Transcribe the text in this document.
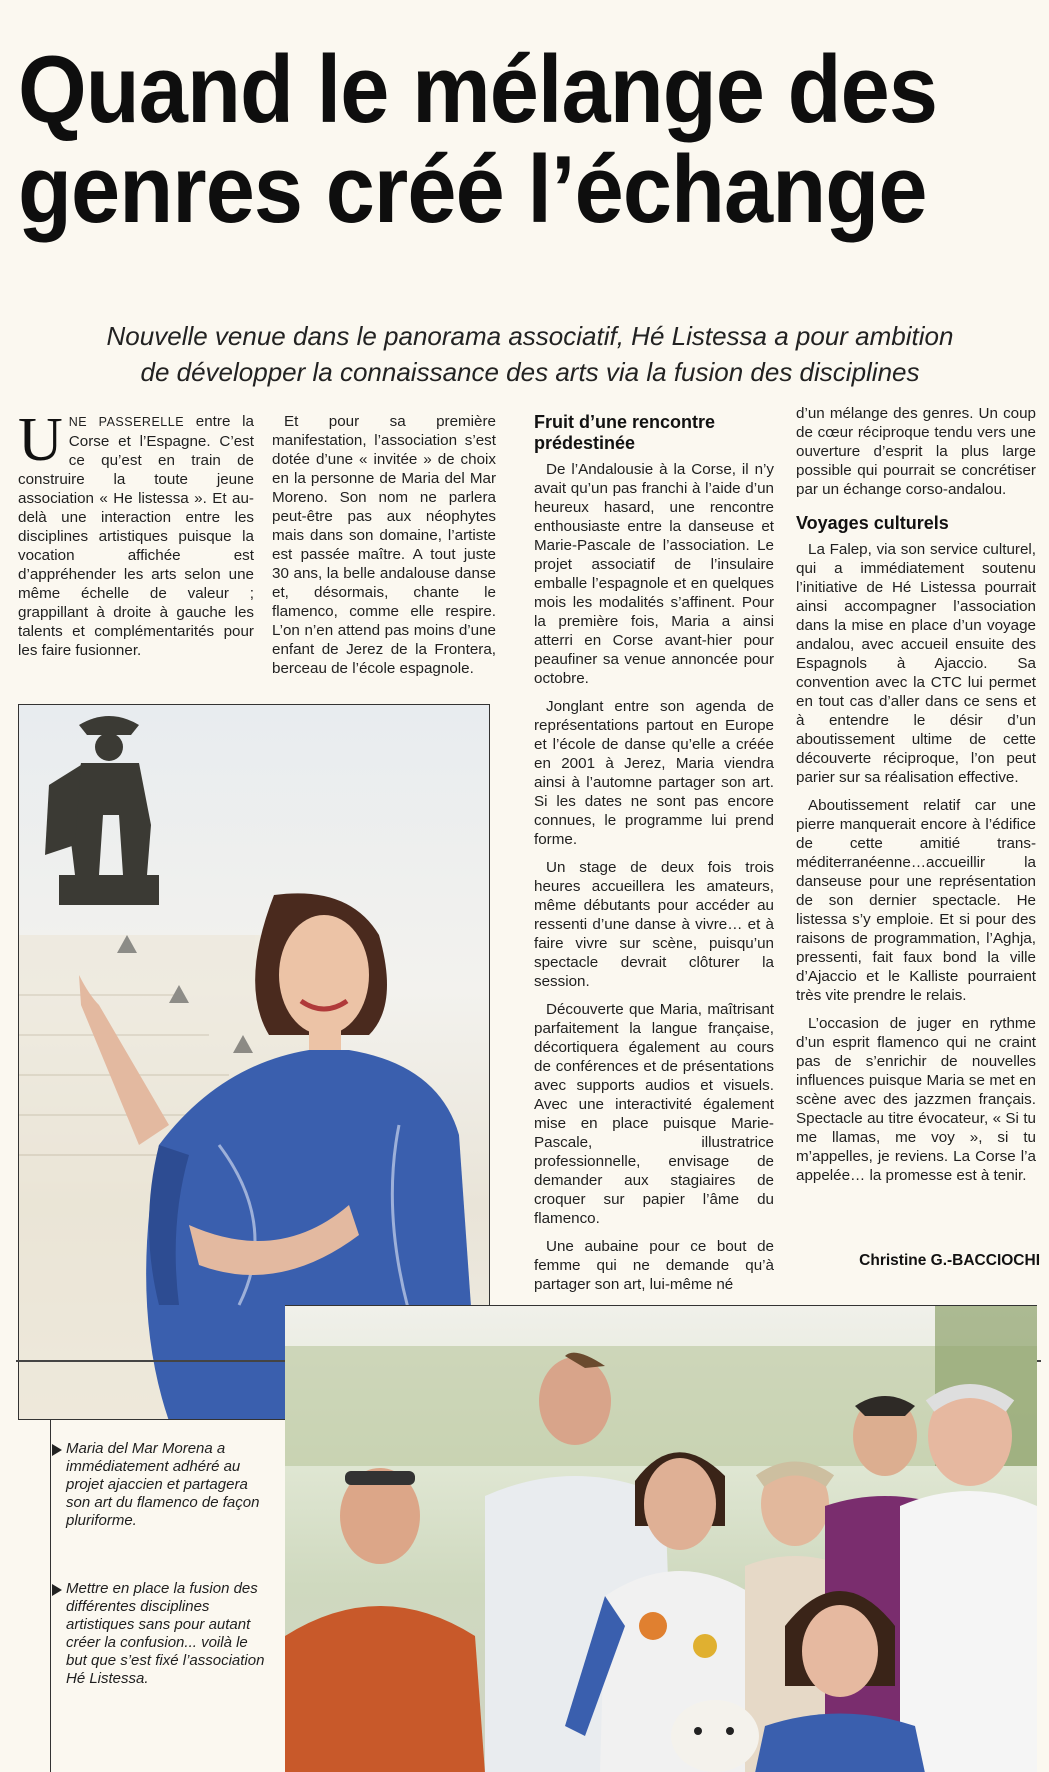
Quand le mélange des
genres créé l’échange
Nouvelle venue dans le panorama associatif, Hé Listessa a pour ambition
de développer la connaissance des arts via la fusion des disciplines

UNE PASSERELLE entre la Corse et l’Espagne. C’est ce qu’est en train de construire la toute jeune association « He listessa ». Et au-delà une interaction entre les disciplines artistiques puisque la vocation affichée est d’appréhender les arts selon une même échelle de valeur ; grappillant à droite à gauche les talents et complémentarités pour les faire fusionner.

Et pour sa première manifestation, l’association s’est dotée d’une « invitée » de choix en la personne de Maria del Mar Moreno. Son nom ne parlera peut-être pas aux néophytes mais dans son domaine, l’artiste est passée maître. A tout juste 30 ans, la belle andalouse danse et, désormais, chante le flamenco, comme elle respire. L’on n’en attend pas moins d’une enfant de Jerez de la Frontera, berceau de l’école espagnole.

Fruit d’une rencontre prédestinée

De l’Andalousie à la Corse, il n’y avait qu’un pas franchi à l’aide d’un heureux hasard, une rencontre enthousiaste entre la danseuse et Marie-Pascale de l’association. Le projet associatif de l’insulaire emballe l’espagnole et en quelques mois les modalités s’affinent. Pour la première fois, Maria a ainsi atterri en Corse avant-hier pour peaufiner sa venue annoncée pour octobre.

Jonglant entre son agenda de représentations partout en Europe et l’école de danse qu’elle a créée en 2001 à Jerez, Maria viendra ainsi à l’automne partager son art. Si les dates ne sont pas encore connues, le programme lui prend forme.

Un stage de deux fois trois heures accueillera les amateurs, même débutants pour accéder au ressenti d’une danse à vivre… et à faire vivre sur scène, puisqu’un spectacle devrait clôturer la session.

Découverte que Maria, maîtrisant parfaitement la langue française, décortiquera également au cours de conférences et de présentations avec supports audios et visuels. Avec une interactivité également mise en place puisque Marie-Pascale, illustratrice professionnelle, envisage de demander aux stagiaires de croquer sur papier l’âme du flamenco.

Une aubaine pour ce bout de femme qui ne demande qu’à partager son art, lui-même né

d’un mélange des genres. Un coup de cœur réciproque tendu vers une ouverture d’esprit la plus large possible qui pourrait se concrétiser par un échange corso-andalou.

Voyages culturels

La Falep, via son service culturel, qui a immédiatement soutenu l’initiative de Hé Listessa pourrait ainsi accompagner l’association dans la mise en place d’un voyage andalou, avec accueil ensuite des Espagnols à Ajaccio. Sa convention avec la CTC lui permet en tout cas d’aller dans ce sens et à entendre le désir d’un aboutissement ultime de cette découverte réciproque, l’on peut parier sur sa réalisation effective.

Aboutissement relatif car une pierre manquerait encore à l’édifice de cette amitié trans-méditerranéenne…accueillir la danseuse pour une représentation de son dernier spectacle. He listessa s’y emploie. Et si pour des raisons de programmation, l’Aghja, pressenti, fait faux bond la ville d’Ajaccio et le Kalliste pourraient très vite prendre le relais.

L’occasion de juger en rythme d’un esprit flamenco qui ne craint pas de s’enrichir de nouvelles influences puisque Maria se met en scène avec des jazzmen français. Spectacle au titre évocateur, « Si tu me llamas, me voy », si tu m’appelles, je reviens. La Corse l’a appelée… la promesse est à tenir.

Christine G.-BACCIOCHI
Maria del Mar Morena a immédiatement adhéré au projet ajaccien et partagera son art du flamenco de façon pluriforme.
Mettre en place la fusion des différentes disciplines artistiques sans pour autant créer la confusion... voilà le but que s’est fixé l’association Hé Listessa.
